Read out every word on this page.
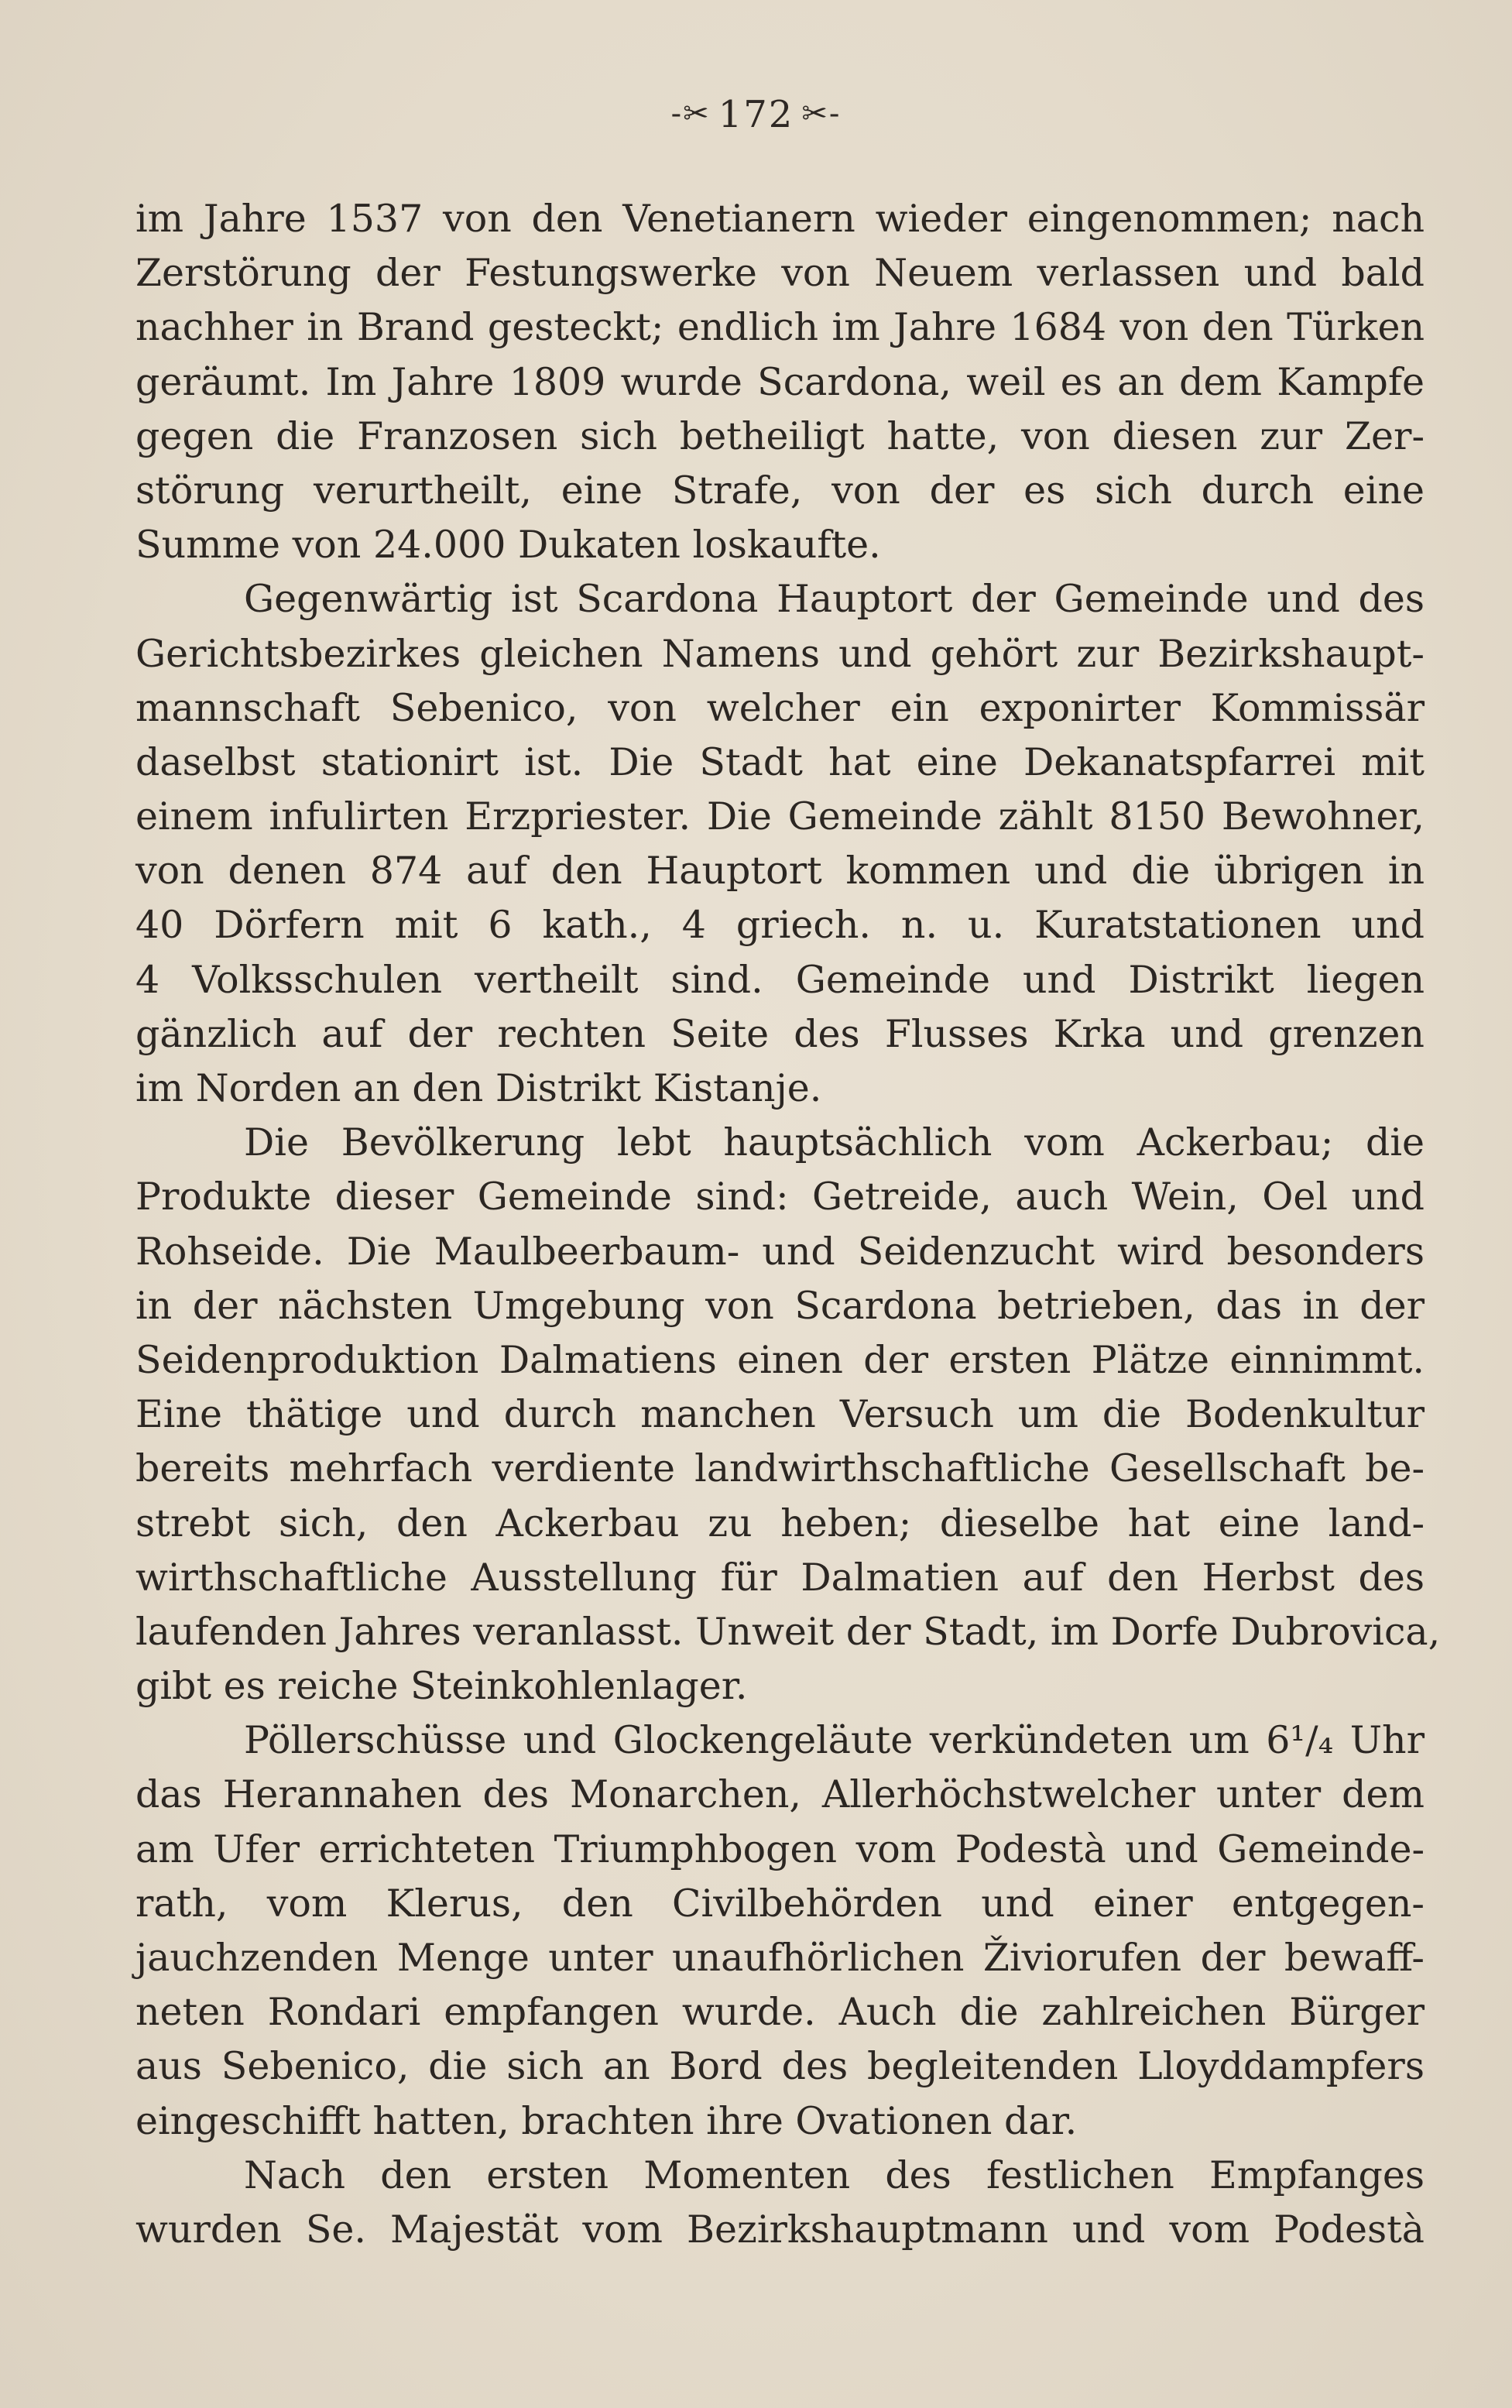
-✂ 172 ✂-
im Jahre 1537 von den Venetianern wieder eingenommen; nach
Zerstörung der Festungswerke von Neuem verlassen und bald
nachher in Brand gesteckt; endlich im Jahre 1684 von den Türken
geräumt. Im Jahre 1809 wurde Scardona, weil es an dem Kampfe
gegen die Franzosen sich betheiligt hatte, von diesen zur Zer-
störung verurtheilt, eine Strafe, von der es sich durch eine
Summe von 24.000 Dukaten loskaufte.
Gegenwärtig ist Scardona Hauptort der Gemeinde und des
Gerichtsbezirkes gleichen Namens und gehört zur Bezirkshaupt-
mannschaft Sebenico, von welcher ein exponirter Kommissär
daselbst stationirt ist. Die Stadt hat eine Dekanatspfarrei mit
einem infulirten Erzpriester. Die Gemeinde zählt 8150 Bewohner,
von denen 874 auf den Hauptort kommen und die übrigen in
40 Dörfern mit 6 kath., 4 griech. n. u. Kuratstationen und
4 Volksschulen vertheilt sind. Gemeinde und Distrikt liegen
gänzlich auf der rechten Seite des Flusses Krka und grenzen
im Norden an den Distrikt Kistanje.
Die Bevölkerung lebt hauptsächlich vom Ackerbau; die
Produkte dieser Gemeinde sind: Getreide, auch Wein, Oel und
Rohseide. Die Maulbeerbaum- und Seidenzucht wird besonders
in der nächsten Umgebung von Scardona betrieben, das in der
Seidenproduktion Dalmatiens einen der ersten Plätze einnimmt.
Eine thätige und durch manchen Versuch um die Bodenkultur
bereits mehrfach verdiente landwirthschaftliche Gesellschaft be-
strebt sich, den Ackerbau zu heben; dieselbe hat eine land-
wirthschaftliche Ausstellung für Dalmatien auf den Herbst des
laufenden Jahres veranlasst. Unweit der Stadt, im Dorfe Dubrovica,
gibt es reiche Steinkohlenlager.
Pöllerschüsse und Glockengeläute verkündeten um 6¹/₄ Uhr
das Herannahen des Monarchen, Allerhöchstwelcher unter dem
am Ufer errichteten Triumphbogen vom Podestà und Gemeinde-
rath, vom Klerus, den Civilbehörden und einer entgegen-
jauchzenden Menge unter unaufhörlichen Živiorufen der bewaff-
neten Rondari empfangen wurde. Auch die zahlreichen Bürger
aus Sebenico, die sich an Bord des begleitenden Lloyddampfers
eingeschifft hatten, brachten ihre Ovationen dar.
Nach den ersten Momenten des festlichen Empfanges
wurden Se. Majestät vom Bezirkshauptmann und vom Podestà
